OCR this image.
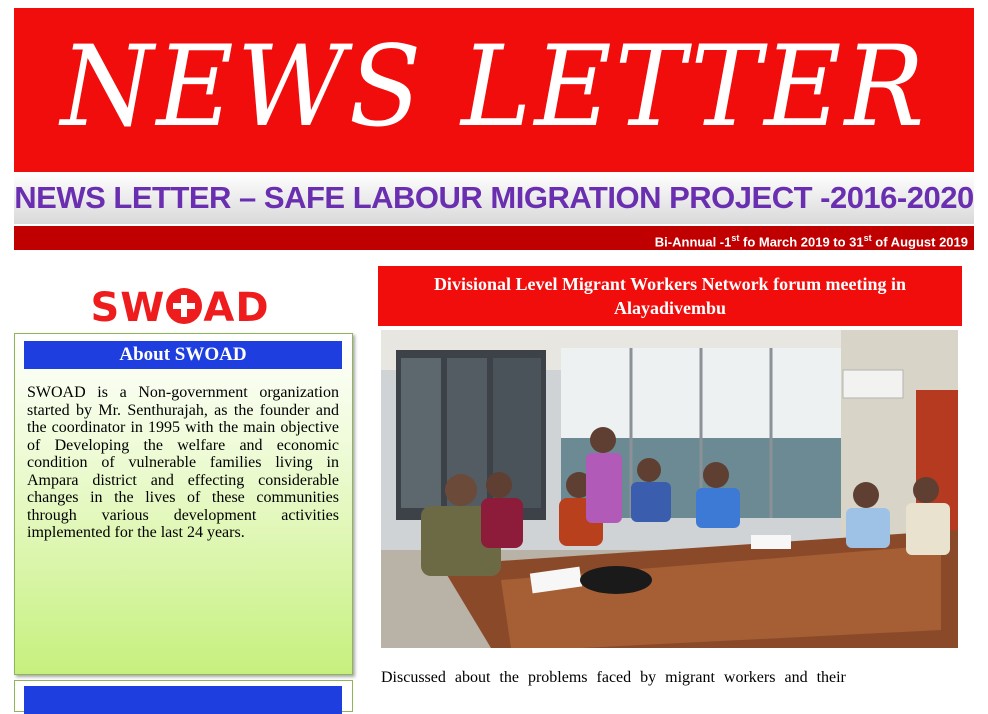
NEWS LETTER
NEWS LETTER – SAFE LABOUR MIGRATION PROJECT -2016-2020
Bi-Annual -1st fo March 2019 to 31st of August 2019
SW AD
About SWOAD
SWOAD is a Non-government organization started by Mr. Senthurajah, as the founder and the coordinator in 1995 with the main objective of Developing the welfare and economic condition of vulnerable families living in Ampara district and effecting considerable changes in the lives of these communities through various development activities implemented for the last 24 years.
Divisional Level Migrant Workers Network forum meeting in Alayadivembu
Discussed about the problems faced by migrant workers and their
